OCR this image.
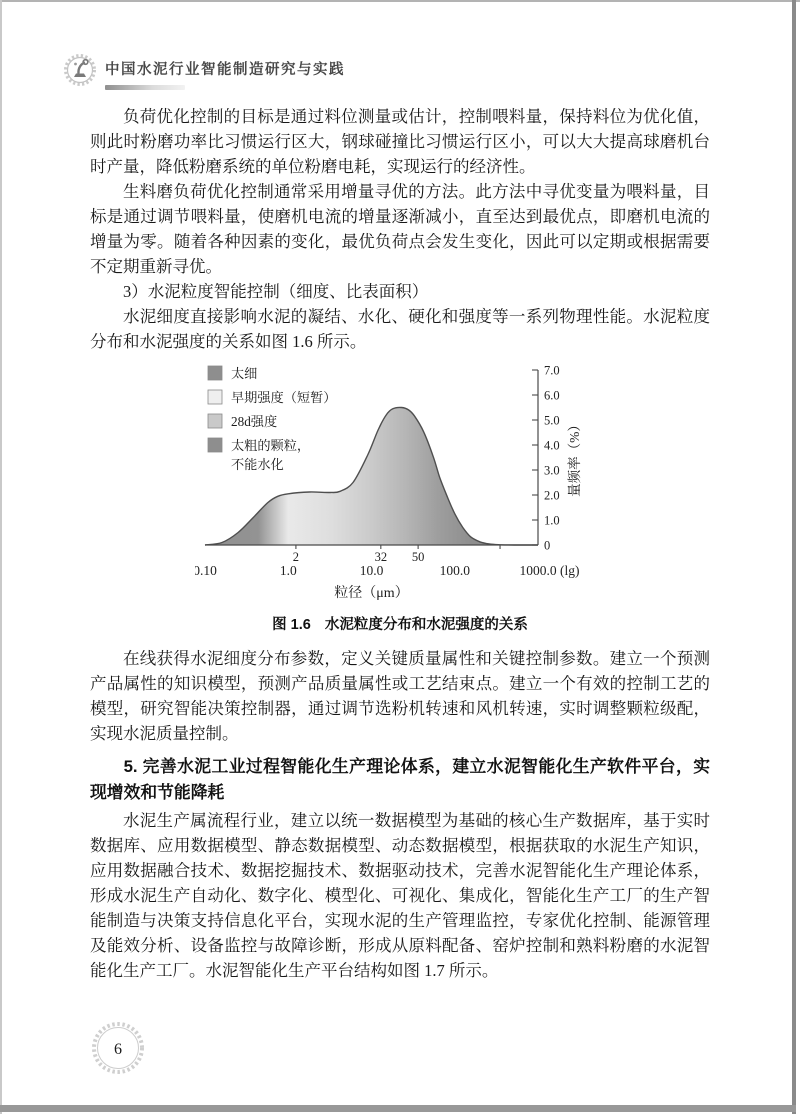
中国水泥行业智能制造研究与实践

负荷优化控制的目标是通过料位测量或估计，控制喂料量，保持料位为优化值，则此时粉磨功率比习惯运行区大，钢球碰撞比习惯运行区小，可以大大提高球磨机台时产量，降低粉磨系统的单位粉磨电耗，实现运行的经济性。

生料磨负荷优化控制通常采用增量寻优的方法。此方法中寻优变量为喂料量，目标是通过调节喂料量，使磨机电流的增量逐渐减小，直至达到最优点，即磨机电流的增量为零。随着各种因素的变化，最优负荷点会发生变化，因此可以定期或根据需要不定期重新寻优。

3）水泥粒度智能控制（细度、比表面积）

水泥细度直接影响水泥的凝结、水化、硬化和强度等一系列物理性能。水泥粒度分布和水泥强度的关系如图 1.6 所示。

0.10	1.0	10.0	100.0	1000.0 (lg)
2	32 50
0
1.0
2.0
3.0
4.0
5.0
6.0
7.0
太细
早期强度（短暂）
28d强度
太粗的颗粒，不能水化	量频率（%）
粒径（μm）
图 1.6 水泥粒度分布和水泥强度的关系

在线获得水泥细度分布参数，定义关键质量属性和关键控制参数。建立一个预测产品属性的知识模型，预测产品质量属性或工艺结束点。建立一个有效的控制工艺的模型，研究智能决策控制器，通过调节选粉机转速和风机转速，实时调整颗粒级配，实现水泥质量控制。

5. 完善水泥工业过程智能化生产理论体系，建立水泥智能化生产软件平台，实现增效和节能降耗

水泥生产属流程行业，建立以统一数据模型为基础的核心生产数据库，基于实时数据库、应用数据模型、静态数据模型、动态数据模型，根据获取的水泥生产知识，应用数据融合技术、数据挖掘技术、数据驱动技术，完善水泥智能化生产理论体系，形成水泥生产自动化、数字化、模型化、可视化、集成化，智能化生产工厂的生产智能制造与决策支持信息化平台，实现水泥的生产管理监控，专家优化控制、能源管理及能效分析、设备监控与故障诊断，形成从原料配备、窑炉控制和熟料粉磨的水泥智能化生产工厂。水泥智能化生产平台结构如图 1.7 所示。

6
